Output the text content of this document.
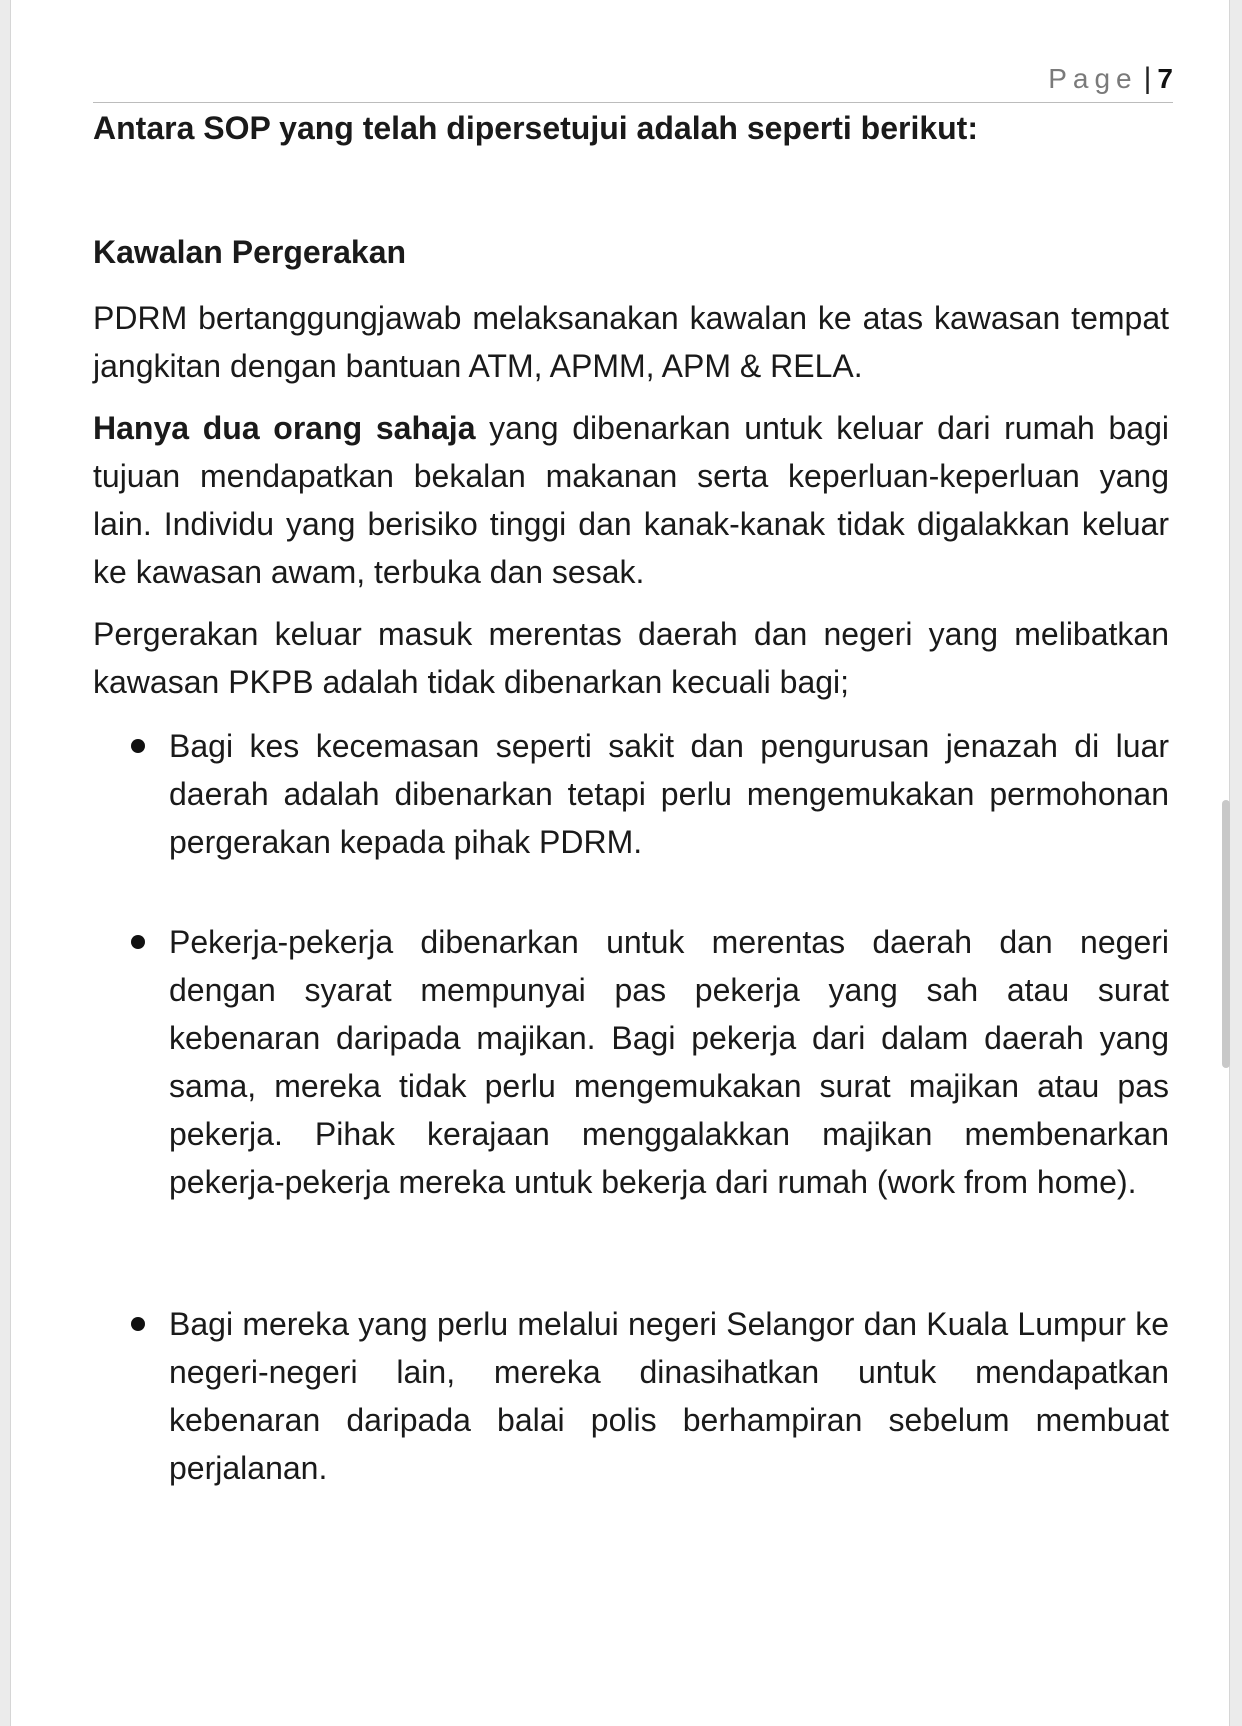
Page | 7

Antara SOP yang telah dipersetujui adalah seperti berikut:

Kawalan Pergerakan

PDRM bertanggungjawab melaksanakan kawalan ke atas kawasan tempat jangkitan dengan bantuan ATM, APMM, APM & RELA.

Hanya dua orang sahaja yang dibenarkan untuk keluar dari rumah bagi tujuan mendapatkan bekalan makanan serta keperluan-keperluan yang lain. Individu yang berisiko tinggi dan kanak-kanak tidak digalakkan keluar ke kawasan awam, terbuka dan sesak.

Pergerakan keluar masuk merentas daerah dan negeri yang melibatkan kawasan PKPB adalah tidak dibenarkan kecuali bagi;

Bagi kes kecemasan seperti sakit dan pengurusan jenazah di luar daerah adalah dibenarkan tetapi perlu mengemukakan permohonan pergerakan kepada pihak PDRM.
Pekerja-pekerja dibenarkan untuk merentas daerah dan negeri dengan syarat mempunyai pas pekerja yang sah atau surat kebenaran daripada majikan. Bagi pekerja dari dalam daerah yang sama, mereka tidak perlu mengemukakan surat majikan atau pas pekerja. Pihak kerajaan menggalakkan majikan membenarkan pekerja-pekerja mereka untuk bekerja dari rumah (work from home).
Bagi mereka yang perlu melalui negeri Selangor dan Kuala Lumpur ke negeri-negeri lain, mereka dinasihatkan untuk mendapatkan kebenaran daripada balai polis berhampiran sebelum membuat perjalanan.
